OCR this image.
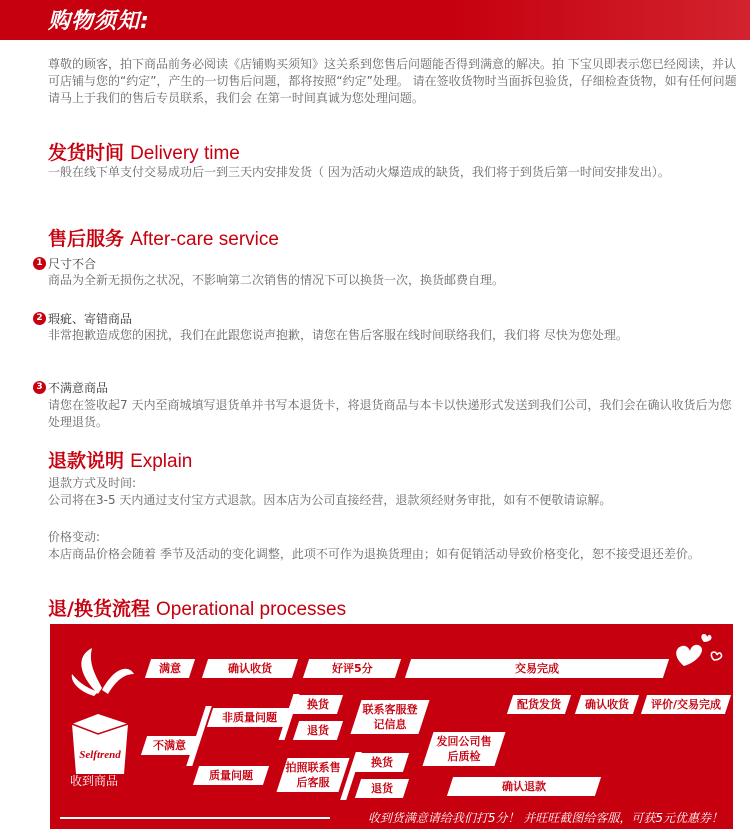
购物须知:
尊敬的顾客，拍下商品前务必阅读《店铺购买须知》这关系到您售后问题能否得到满意的解决。拍 下宝贝即表示您已经阅读，并认可店铺与您的“约定”，产生的一切售后问题，都将按照“约定”处理。 请在签收货物时当面拆包验货，仔细检查货物，如有任何问题请马上于我们的售后专员联系，我们会 在第一时间真诚为您处理问题。
发货时间 Delivery time
一般在线下单支付交易成功后一到三天内安排发货（ 因为活动火爆造成的缺货，我们将于到货后第一时间安排发出）。
售后服务 After-care service
1 尺寸不合
商品为全新无损伤之状况，不影响第二次销售的情况下可以换货一次，换货邮费自理。
2 瑕疵、寄错商品
非常抱歉造成您的困扰，我们在此跟您说声抱歉，请您在售后客服在线时间联络我们，我们将 尽快为您处理。
3 不满意商品
请您在签收起7 天内至商城填写退货单并书写本退货卡，将退货商品与本卡以快递形式发送到我们公司，我们会在确认收货后为您处理退货。
退款说明 Explain
退款方式及时间:
公司将在3-5 天内通过支付宝方式退款。因本店为公司直接经营，退款须经财务审批，如有不便敬请谅解。
价格变动:
本店商品价格会随着 季节及活动的变化调整，此项不可作为退换货理由；如有促销活动导致价格变化，恕不接受退还差价。
退/换货流程 Operational processes
Selftrend
收到商品
满意	确认收货	好评5分	交易完成
不满意
非质量问题
质量问题
换货
退货
联系客服登记信息
拍照联系售后客服
换货
退货
发回公司售后质检
配货发货	确认收货	评价/交易完成
确认退款
收到货满意请给我们打5分！ 并旺旺截图给客服，可获5元优惠券！
